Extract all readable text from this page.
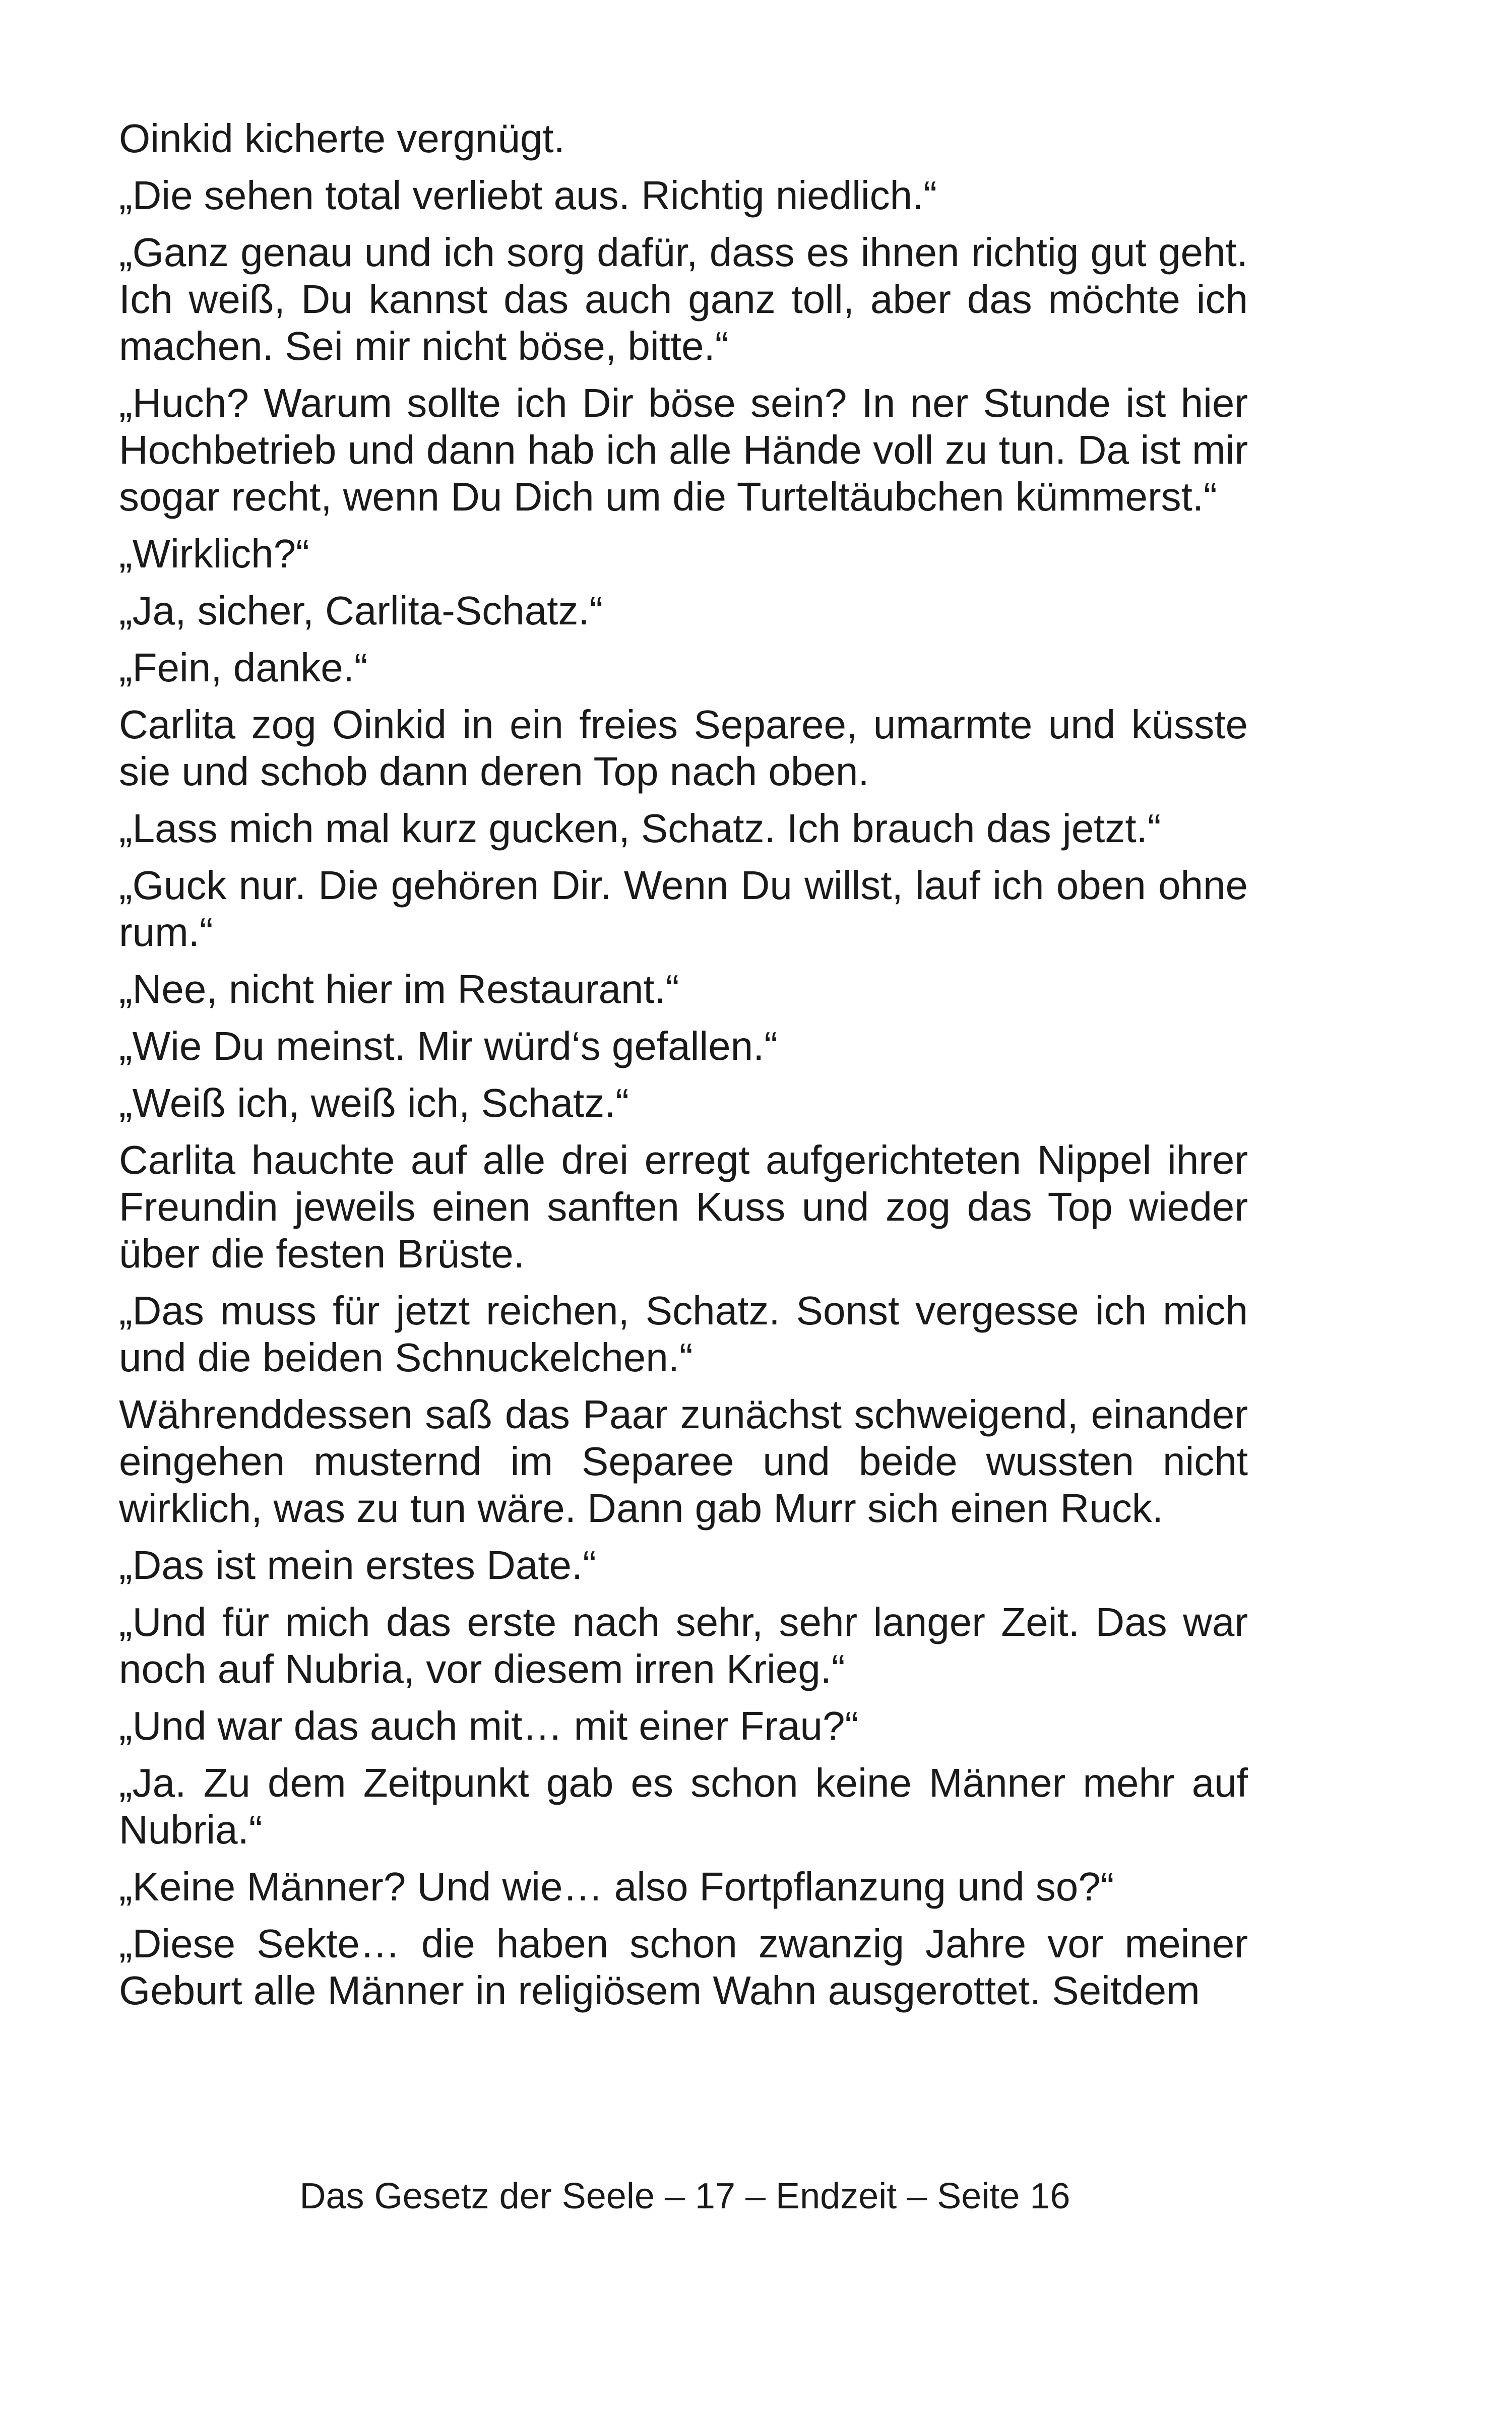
Oinkid kicherte vergnügt.

„Die sehen total verliebt aus. Richtig niedlich.“

„Ganz genau und ich sorg dafür, dass es ihnen richtig gut geht. Ich weiß, Du kannst das auch ganz toll, aber das möchte ich machen. Sei mir nicht böse, bitte.“

„Huch? Warum sollte ich Dir böse sein? In ner Stunde ist hier Hochbetrieb und dann hab ich alle Hände voll zu tun. Da ist mir sogar recht, wenn Du Dich um die Turteltäubchen kümmerst.“

„Wirklich?“

„Ja, sicher, Carlita-Schatz.“

„Fein, danke.“

Carlita zog Oinkid in ein freies Separee, umarmte und küsste sie und schob dann deren Top nach oben.

„Lass mich mal kurz gucken, Schatz. Ich brauch das jetzt.“

„Guck nur. Die gehören Dir. Wenn Du willst, lauf ich oben ohne rum.“

„Nee, nicht hier im Restaurant.“

„Wie Du meinst. Mir würd‘s gefallen.“

„Weiß ich, weiß ich, Schatz.“

Carlita hauchte auf alle drei erregt aufgerichteten Nippel ihrer Freundin jeweils einen sanften Kuss und zog das Top wieder über die festen Brüste.

„Das muss für jetzt reichen, Schatz. Sonst vergesse ich mich und die beiden Schnuckelchen.“

Währenddessen saß das Paar zunächst schweigend, einander eingehen musternd im Separee und beide wussten nicht wirklich, was zu tun wäre. Dann gab Murr sich einen Ruck.

„Das ist mein erstes Date.“

„Und für mich das erste nach sehr, sehr langer Zeit. Das war noch auf Nubria, vor diesem irren Krieg.“

„Und war das auch mit… mit einer Frau?“

„Ja. Zu dem Zeitpunkt gab es schon keine Männer mehr auf Nubria.“

„Keine Männer? Und wie… also Fortpflanzung und so?“

„Diese Sekte… die haben schon zwanzig Jahre vor meiner Geburt alle Männer in religiösem Wahn ausgerottet. Seitdem

Das Gesetz der Seele – 17 – Endzeit – Seite 16
